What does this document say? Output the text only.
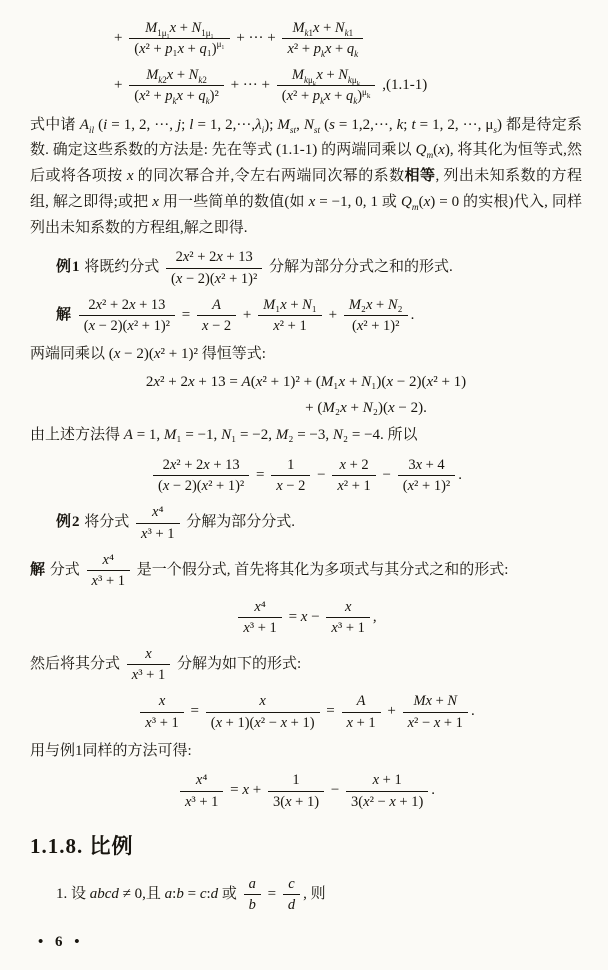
+ $\frac{M_{1\mu_1}x + N_{1\mu_1}}{(x^2 + p_1x + q_1)^{\mu_1}}$ + ··· + $\frac{M_{k1}x + N_{k1}}{x^2 + p_kx + q_k}$
+ $\frac{M_{k2}x + N_{k2}}{(x^2 + p_kx + q_k)^2}$ + ··· + $\frac{M_{k\mu_k}x + N_{k\mu_k}}{(x^2 + p_kx + q_k)^{\mu_k}} ,(1.1-1)$
式中诸 $A_{il}$ (i = 1, 2, ···, j; l = 1, $2,\cdot\cdot\cdot,\lambda_i$); $M_{st}$, $N_{st}$ (s = 1,2,···, k; t = 1, 2, ···, $\mu_s$) 都是待定系数. 确定这些系数的方法是: 先在等式 (1.1-1) 的两端同乘以 $Q_m(x)$, 将其化为恒等式,然后或将各项按 x 的同次幂合并,令左右两端同次幂的系数相等, 列出未知系数的方程组, 解之即得;或把 x 用一些简单的数值(如 x = −1, 0, 1 或 $Q_m(x) = 0$ 的实根)代入, 同样列出未知系数的方程组,解之即得.
例1 将既约分式 $\frac{\text{2x² + 2x + 13}}{\text{(x − 2)(x² + 1)²}}$ 分解为部分分式之和的形式.
解 $\frac{\text{2x² + 2x + 13}}{\text{(x − 2)(x² + 1)²}} = \frac{A}{x - 2} + \frac{\text{M₁x + N₁}}{\text{x² + 1}} + \frac{\text{M₂x + N₂}}{\text{(x² + 1)²}}$ .
两端同乘以 (x − 2)(x² + 1)² 得恒等式:
2x² + 2x + 13 = A(x² + 1)² + (M₁x + N₁)(x − 2)(x² + 1)
+ (M₂x + N₂)(x − 2).
由上述方法得 A = 1, M₁ = −1, N₁ = −2, M₂ = −3, N₂ = −4. 所以
$\frac{\text{2x² + 2x + 13}}{\text{(x − 2)(x² + 1)²}} = \frac{1}{x - 2} - \frac{x + 2}{\text{x² + 1}} - \frac{3x + 4}{\text{(x² + 1)²}}$ .
例2 将分式 $\frac{\text{x⁴}}{\text{x³ + 1}}$ 分解为部分分式.
解 分式 $\frac{\text{x⁴}}{\text{x³ + 1}}$ 是一个假分式, 首先将其化为多项式与其分式之和的形式:
$\frac{\text{x⁴}}{\text{x³ + 1}} = x - \frac{x}{\text{x³ + 1}}$ ,
然后将其分式 $\frac{x}{\text{x³ + 1}}$ 分解为如下的形式:
$\frac{x}{\text{x³ + 1}} = \frac{x}{\text{(x + 1)(x² − x + 1)}} = \frac{A}{x + 1} + \frac{Mx + N}{\text{x² − x + 1}}$ .
用与例1同样的方法可得:
$\frac{\text{x⁴}}{\text{x³ + 1}} = x + \frac{1}{3(x + 1)} - \frac{x + 1}{\text{3(x² − x + 1)}}$ .
1.1.8. 比例
1. 设 abcd ≠ 0,且 a:b = c:d 或 $\frac{a}{b} = \frac{c}{d}$ , 则
• 6 •
